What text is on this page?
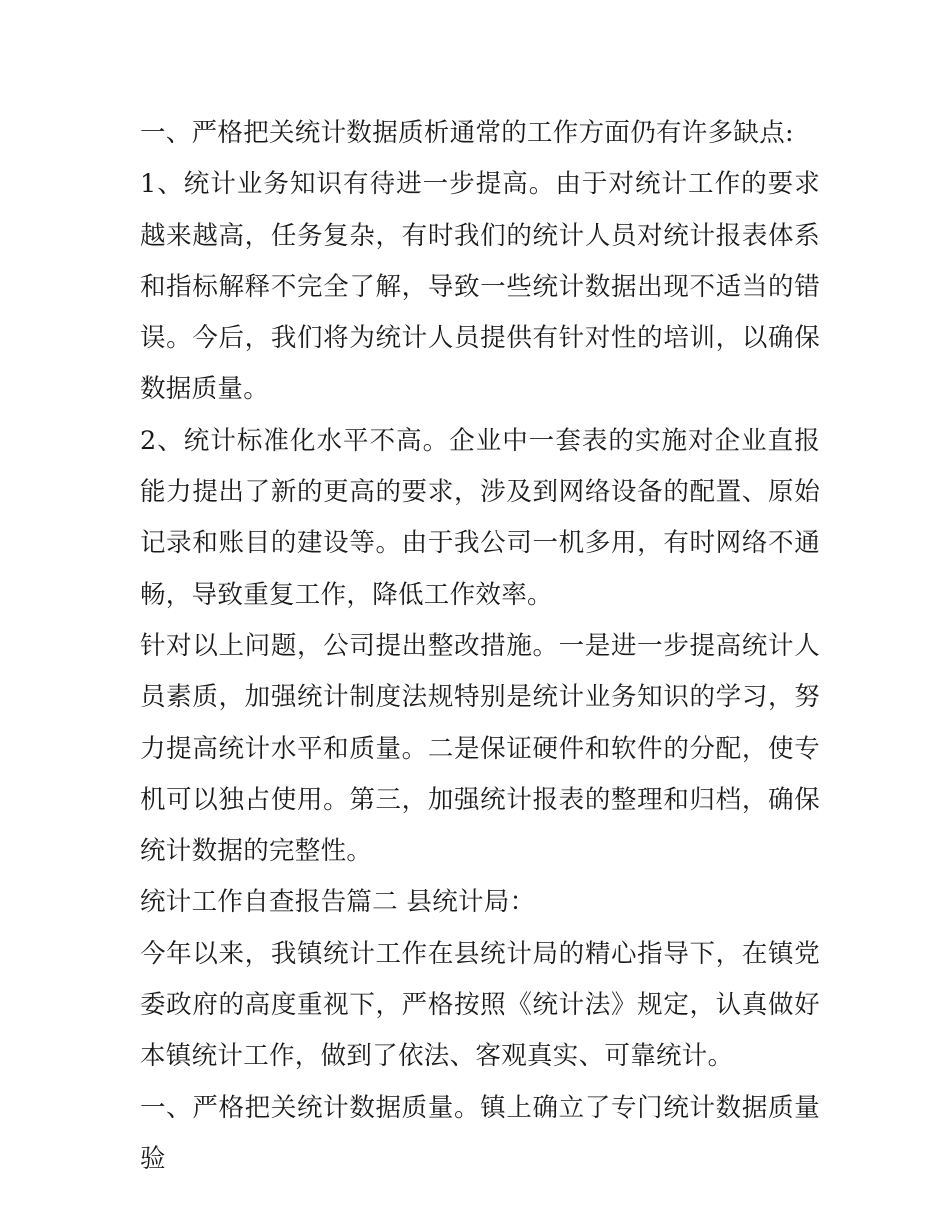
一、严格把关统计数据质析通常的工作方面仍有许多缺点:

1、统计业务知识有待进一步提高。由于对统计工作的要求越来越高，任务复杂，有时我们的统计人员对统计报表体系和指标解释不完全了解，导致一些统计数据出现不适当的错误。今后，我们将为统计人员提供有针对性的培训，以确保数据质量。

2、统计标准化水平不高。企业中一套表的实施对企业直报能力提出了新的更高的要求，涉及到网络设备的配置、原始记录和账目的建设等。由于我公司一机多用，有时网络不通畅，导致重复工作，降低工作效率。

针对以上问题，公司提出整改措施。一是进一步提高统计人员素质，加强统计制度法规特别是统计业务知识的学习，努力提高统计水平和质量。二是保证硬件和软件的分配，使专机可以独占使用。第三，加强统计报表的整理和归档，确保统计数据的完整性。

统计工作自查报告篇二 县统计局：

今年以来，我镇统计工作在县统计局的精心指导下，在镇党委政府的高度重视下，严格按照《统计法》规定，认真做好本镇统计工作，做到了依法、客观真实、可靠统计。

一、严格把关统计数据质量。镇上确立了专门统计数据质量验
